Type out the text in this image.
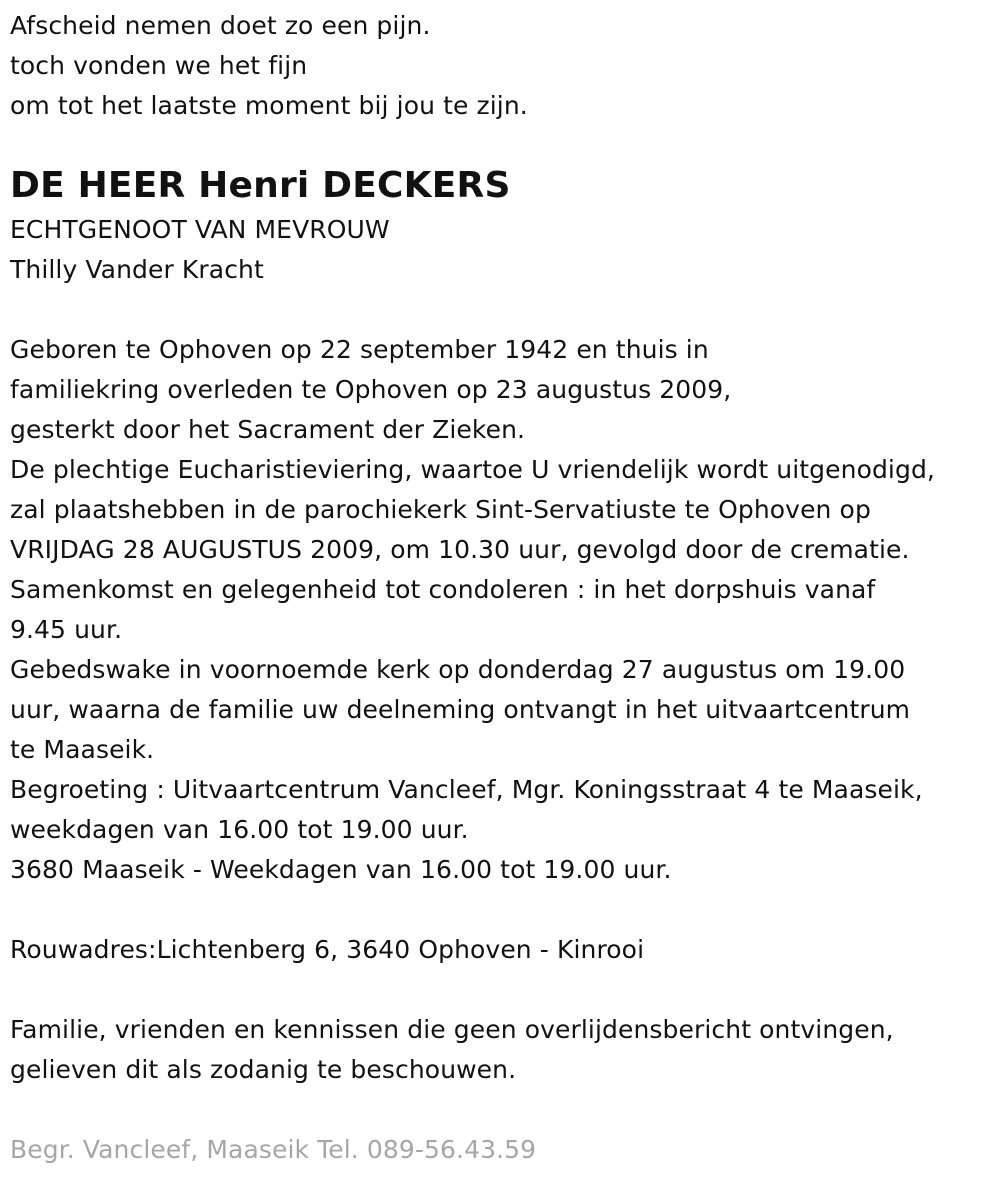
Afscheid nemen doet zo een pijn.
toch vonden we het fijn
om tot het laatste moment bij jou te zijn.
DE HEER Henri DECKERS
ECHTGENOOT VAN MEVROUW
Thilly Vander Kracht
Geboren te Ophoven op 22 september 1942 en thuis in
familiekring overleden te Ophoven op 23 augustus 2009,
gesterkt door het Sacrament der Zieken.
De plechtige Eucharistieviering, waartoe U vriendelijk wordt uitgenodigd,
zal plaatshebben in de parochiekerk Sint-Servatiuste te Ophoven op
VRIJDAG 28 AUGUSTUS 2009, om 10.30 uur, gevolgd door de crematie.
Samenkomst en gelegenheid tot condoleren : in het dorpshuis vanaf
9.45 uur.
Gebedswake in voornoemde kerk op donderdag 27 augustus om 19.00
uur, waarna de familie uw deelneming ontvangt in het uitvaartcentrum
te Maaseik.
Begroeting : Uitvaartcentrum Vancleef, Mgr. Koningsstraat 4 te Maaseik,
weekdagen van 16.00 tot 19.00 uur.
3680 Maaseik - Weekdagen van 16.00 tot 19.00 uur.
Rouwadres:Lichtenberg 6, 3640 Ophoven - Kinrooi
Familie, vrienden en kennissen die geen overlijdensbericht ontvingen,
gelieven dit als zodanig te beschouwen.
Begr. Vancleef, Maaseik Tel. 089-56.43.59
